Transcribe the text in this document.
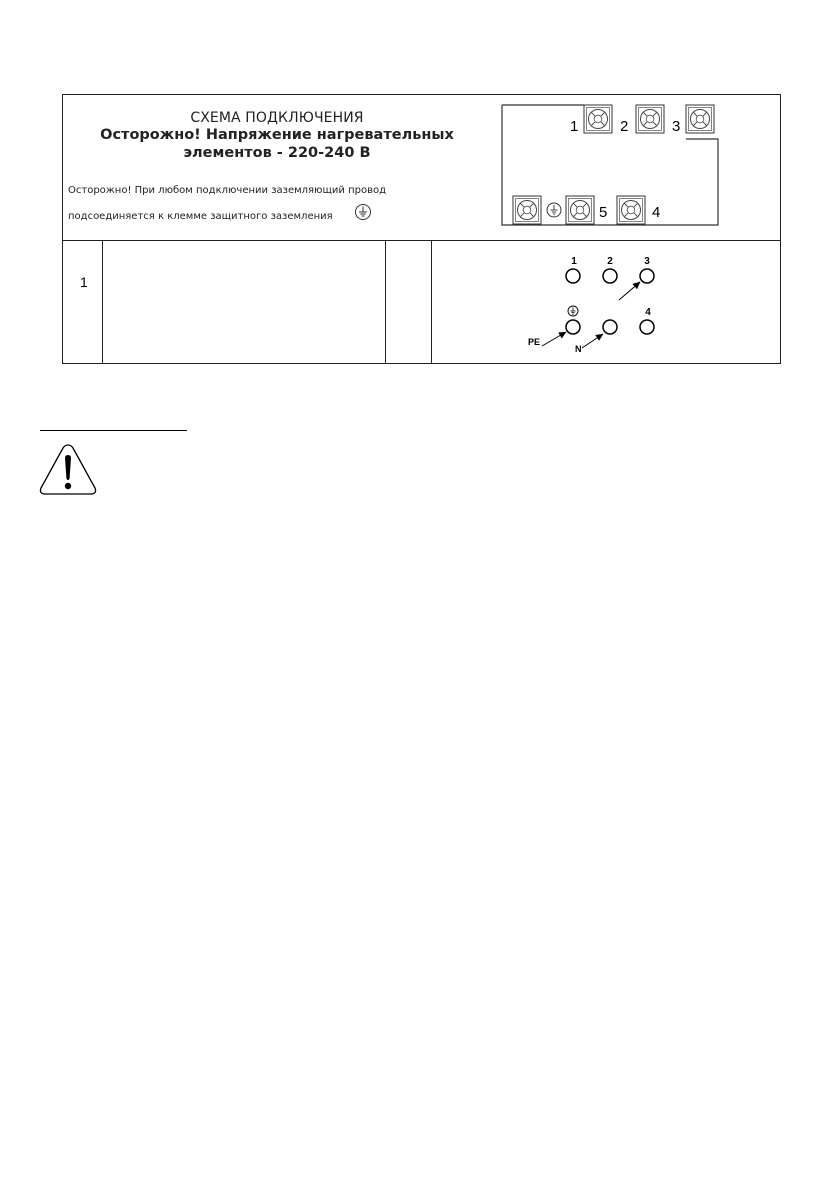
СХЕМА ПОДКЛЮЧЕНИЯ
Осторожно! Напряжение нагревательных
элементов - 220-240 В
Осторожно! При любом подключении заземляющий провод
подсоединяется к клемме защитного заземления
1	2	3
5	4
1
1	2	3
4
PE
N
